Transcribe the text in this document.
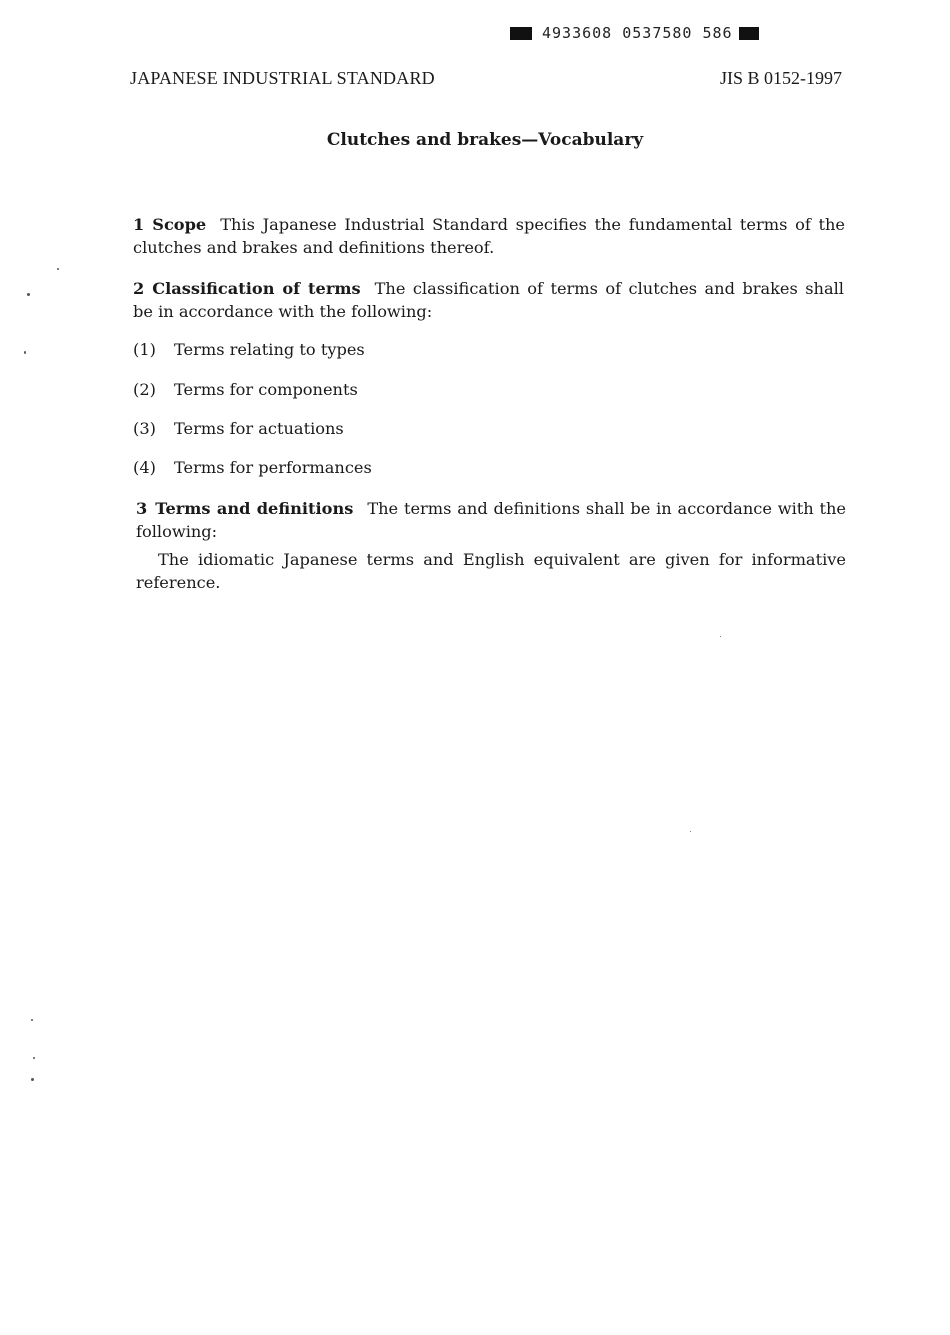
4933608 0537580 586
JAPANESE INDUSTRIAL STANDARD	JIS B 0152-1997
Clutches and brakes—Vocabulary
1 Scope This Japanese Industrial Standard specifies the fundamental terms of the clutches and brakes and definitions thereof.
2 Classification of terms The classification of terms of clutches and brakes shall be in accordance with the following:
(1) Terms relating to types
(2) Terms for components
(3) Terms for actuations
(4) Terms for performances
3 Terms and definitions The terms and definitions shall be in accordance with the following:
The idiomatic Japanese terms and English equivalent are given for informative reference.
